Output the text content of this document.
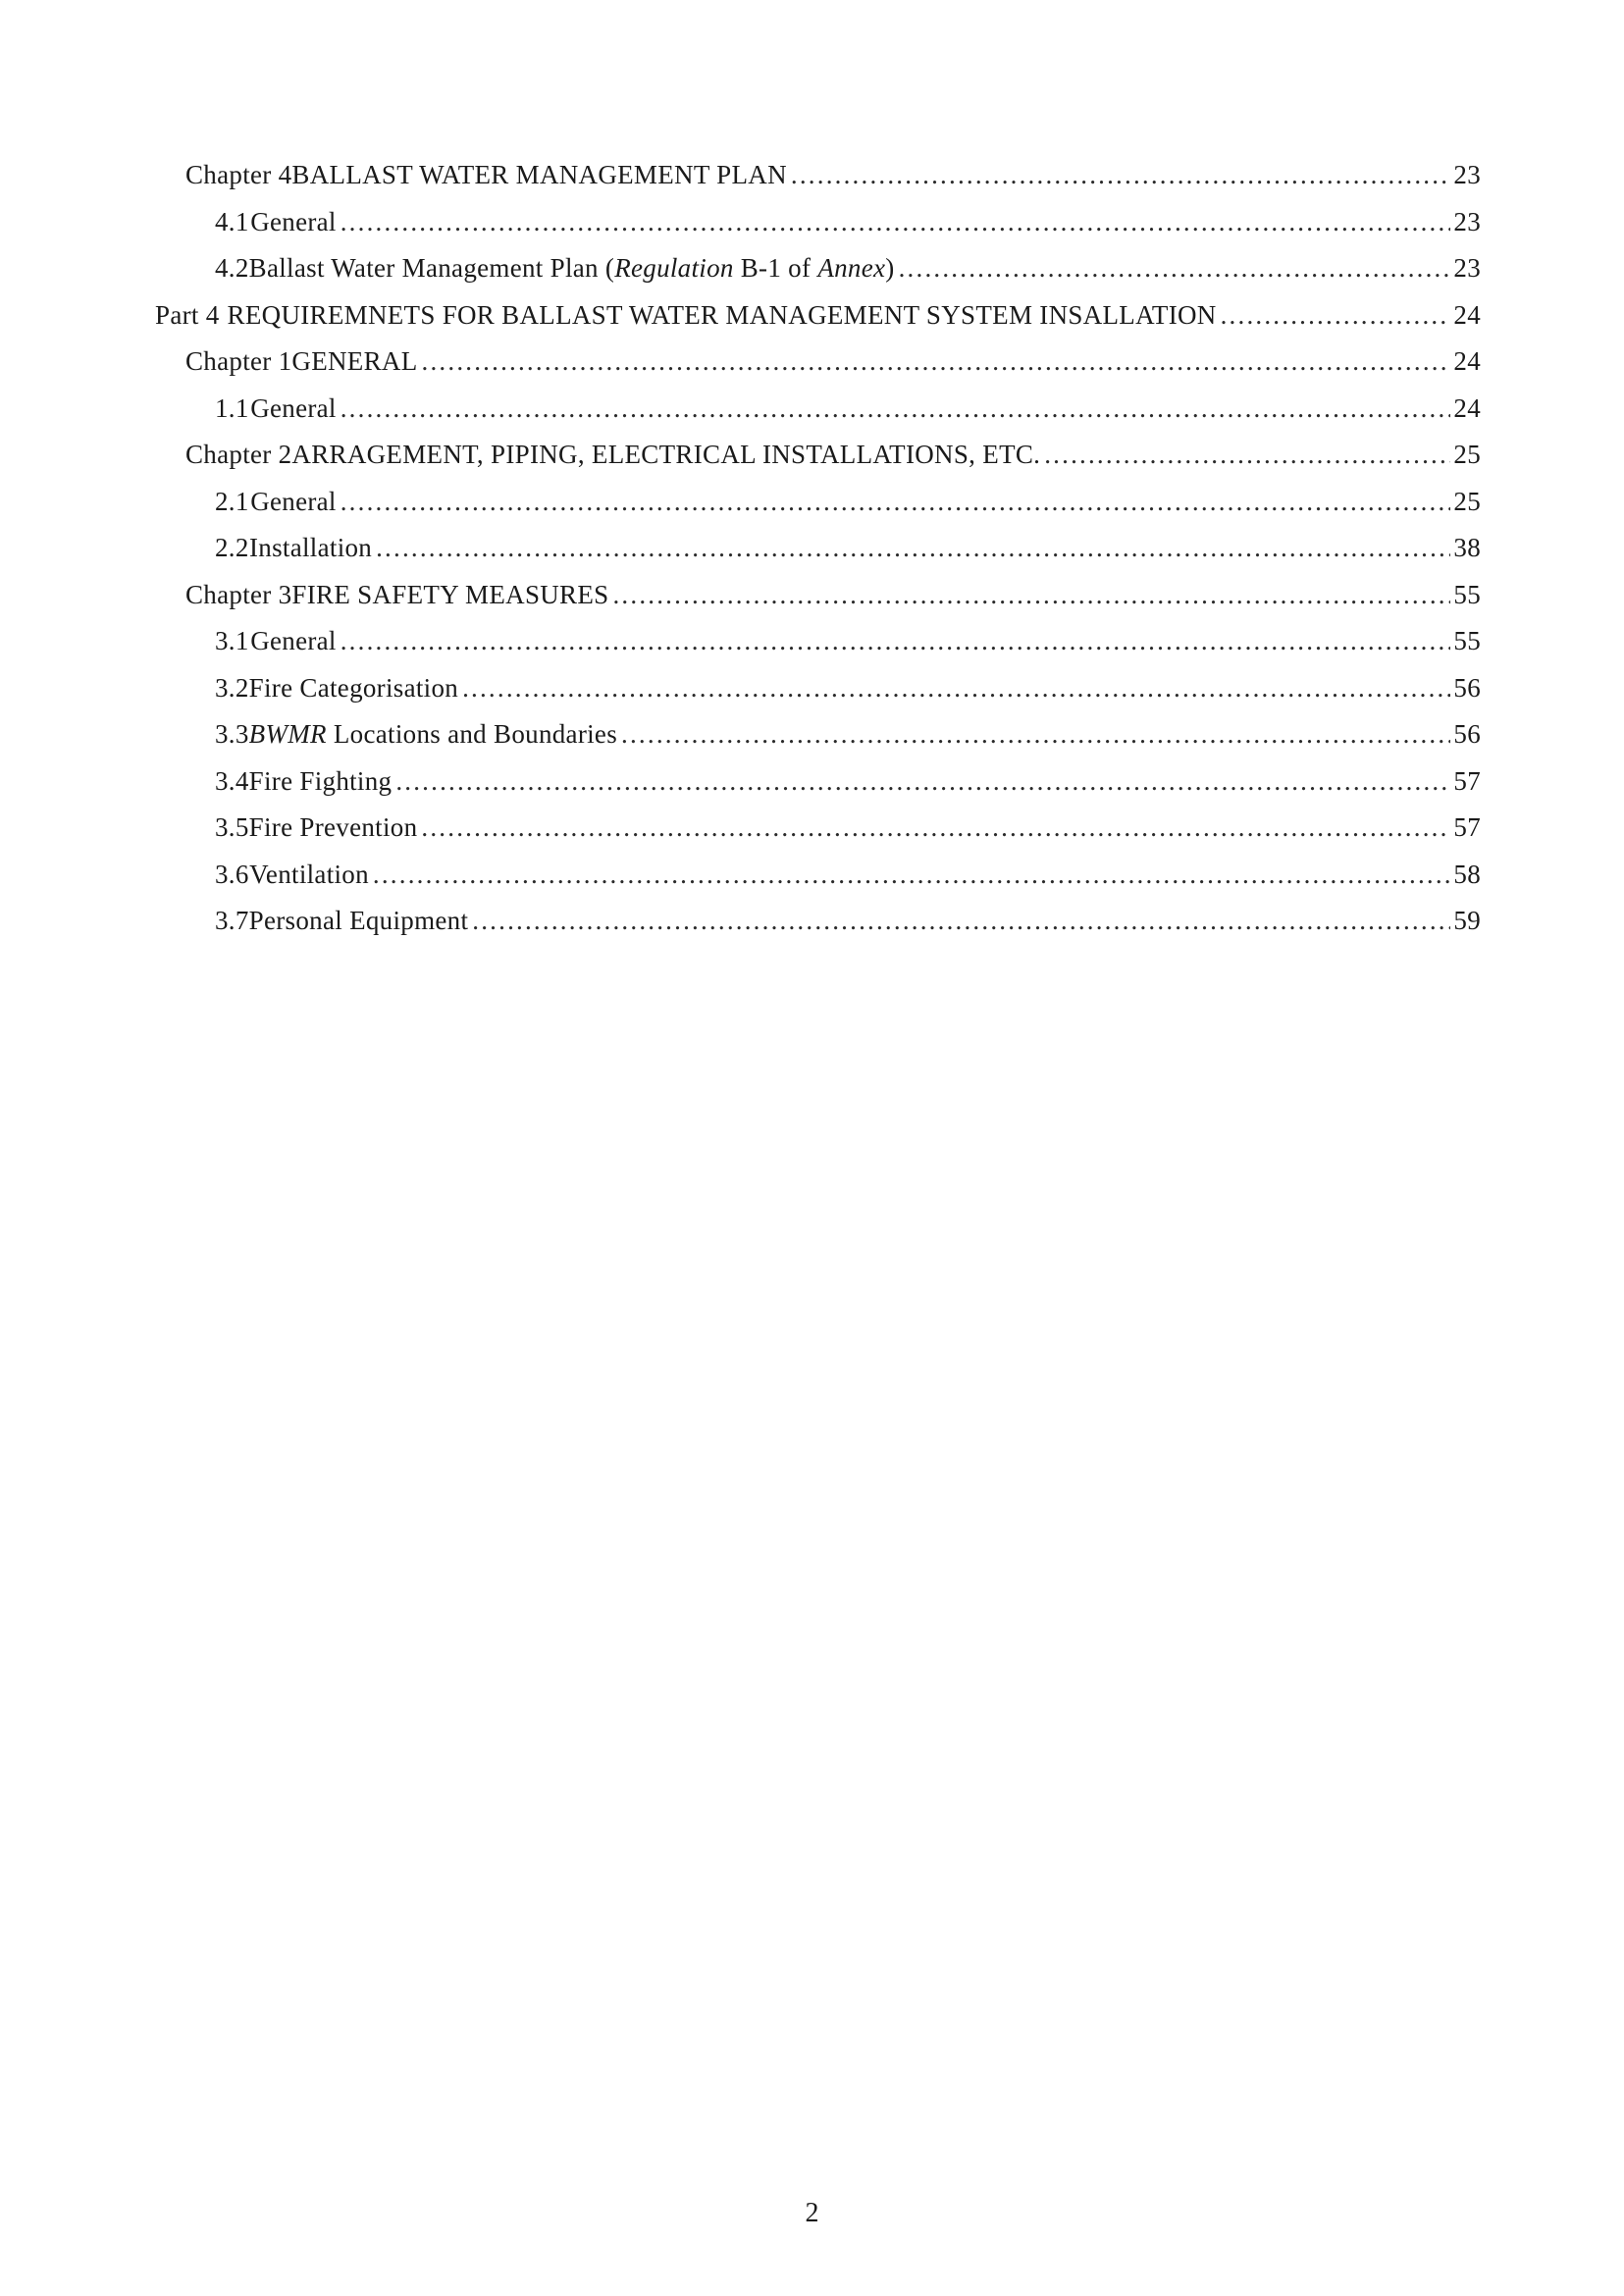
Chapter 4 BALLAST WATER MANAGEMENT PLAN .....	23
4.1 General .....	23
4.2 Ballast Water Management Plan (Regulation B-1 of Annex) .....	23
Part 4 REQUIREMNETS FOR BALLAST WATER MANAGEMENT SYSTEM INSALLATION .....	24
Chapter 1 GENERAL .....	24
1.1 General .....	24
Chapter 2 ARRAGEMENT, PIPING, ELECTRICAL INSTALLATIONS, ETC. .....	25
2.1 General .....	25
2.2 Installation .....	38
Chapter 3 FIRE SAFETY MEASURES .....	55
3.1 General .....	55
3.2 Fire Categorisation .....	56
3.3 BWMR Locations and Boundaries .....	56
3.4 Fire Fighting .....	57
3.5 Fire Prevention .....	57
3.6 Ventilation .....	58
3.7 Personal Equipment .....	59
2
